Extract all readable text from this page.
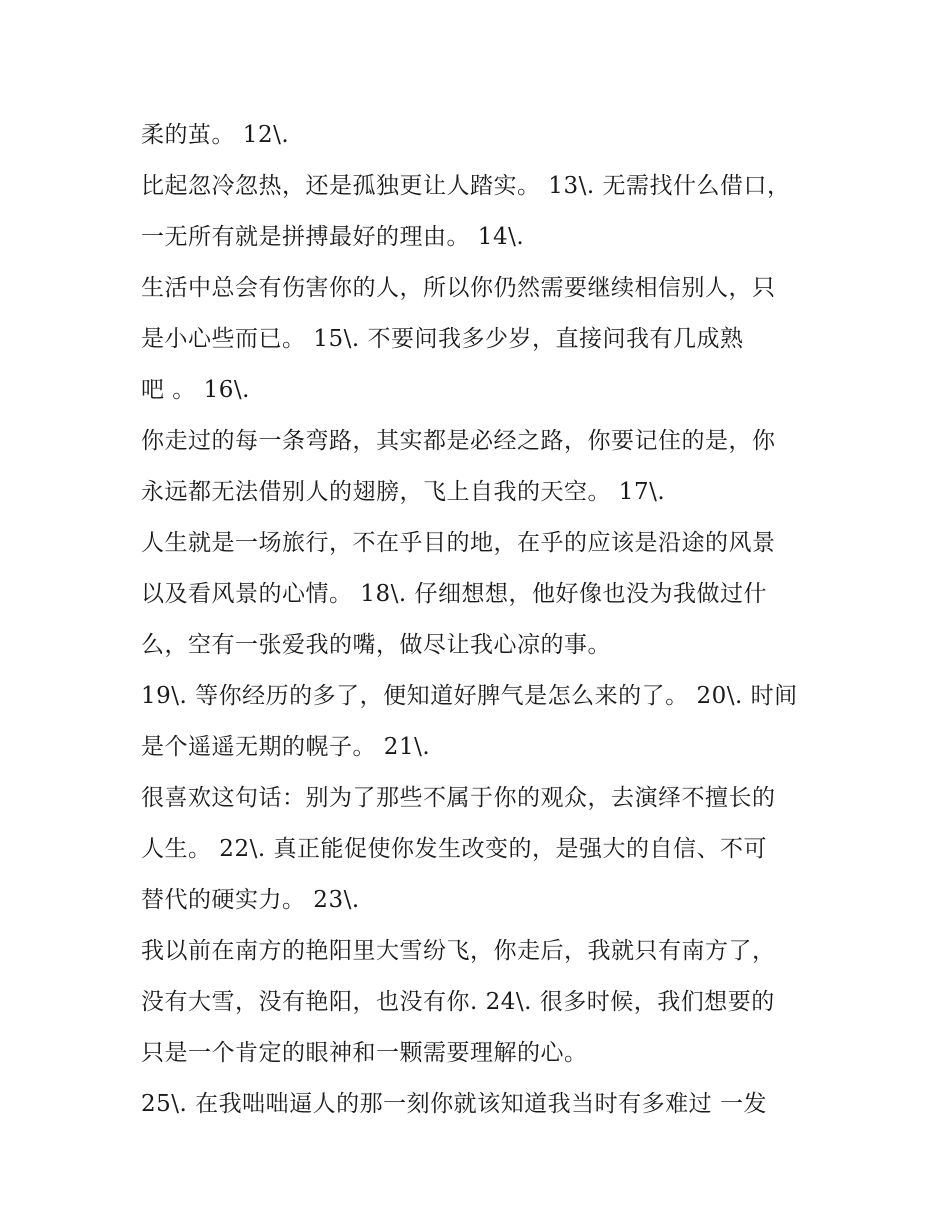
柔的茧。 12\.
比起忽冷忽热，还是孤独更让人踏实。 13\. 无需找什么借口，
一无所有就是拼搏最好的理由。 14\.
生活中总会有伤害你的人，所以你仍然需要继续相信别人，只
是小心些而已。 15\. 不要问我多少岁，直接问我有几成熟
吧 。 16\.
你走过的每一条弯路，其实都是必经之路，你要记住的是，你
永远都无法借别人的翅膀，飞上自我的天空。 17\.
人生就是一场旅行，不在乎目的地，在乎的应该是沿途的风景
以及看风景的心情。 18\. 仔细想想，他好像也没为我做过什
么，空有一张爱我的嘴，做尽让我心凉的事。
19\. 等你经历的多了，便知道好脾气是怎么来的了。 20\. 时间
是个遥遥无期的幌子。 21\.
很喜欢这句话：别为了那些不属于你的观众，去演绎不擅长的
人生。 22\. 真正能促使你发生改变的，是强大的自信、不可
替代的硬实力。 23\.
我以前在南方的艳阳里大雪纷飞，你走后，我就只有南方了，
没有大雪，没有艳阳，也没有你. 24\. 很多时候，我们想要的
只是一个肯定的眼神和一颗需要理解的心。
25\. 在我咄咄逼人的那一刻你就该知道我当时有多难过 一发
